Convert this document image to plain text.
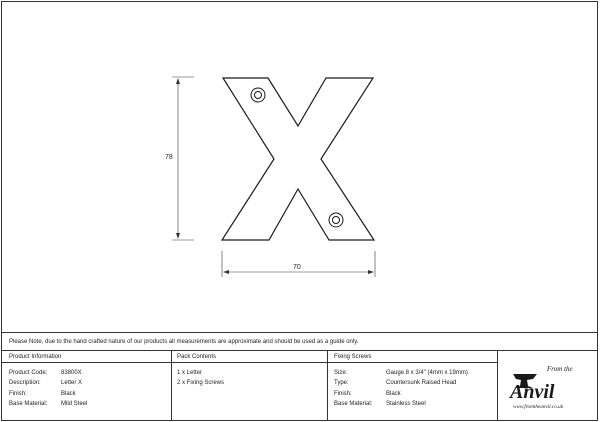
78
70
Please Note, due to the hand crafted nature of our products all measurements are approximate and should be used as a guide only.
Product Information
Product Code: 83800X
Description:	Letter X
Finish:	Black
Base Material: Mild Steel
Pack Contents
1 x Letter
2 x Fixing Screws
Fixing Screws
Size:	Gauge 8 x 3/4" (4mm x 19mm)
Type:	Countersunk Raised Head
Finish:	Black
Base Material: Stainless Steel
From the
Anvil
www.fromtheanvil.co.uk
